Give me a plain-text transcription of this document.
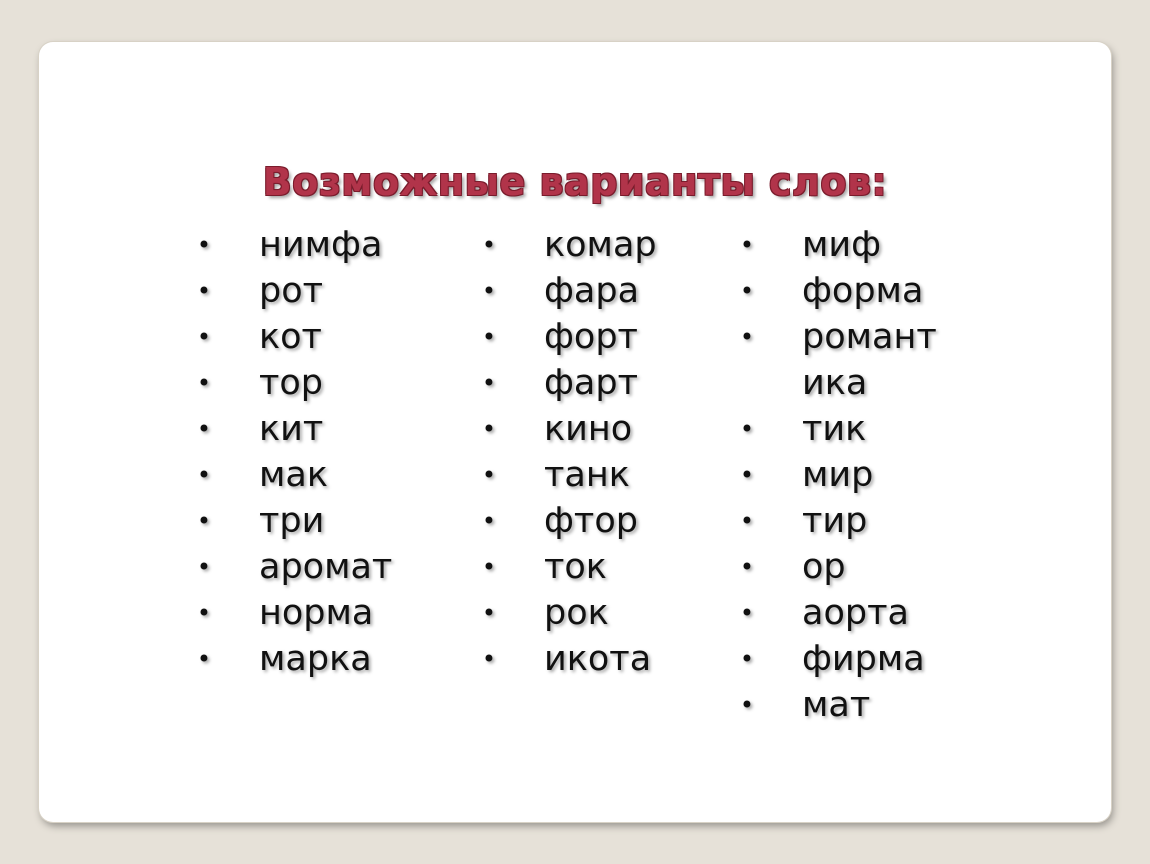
Возможные варианты слов:
• нимфа
• рот
• кот
• тор
• кит
• мак
• три
• аромат
• норма
• марка
• комар
• фара
• форт
• фарт
• кино
• танк
• фтор
• ток
• рок
• икота
• миф
• форма
• романт
ика
• тик
• мир
• тир
• ор
• аорта
• фирма
• мат
